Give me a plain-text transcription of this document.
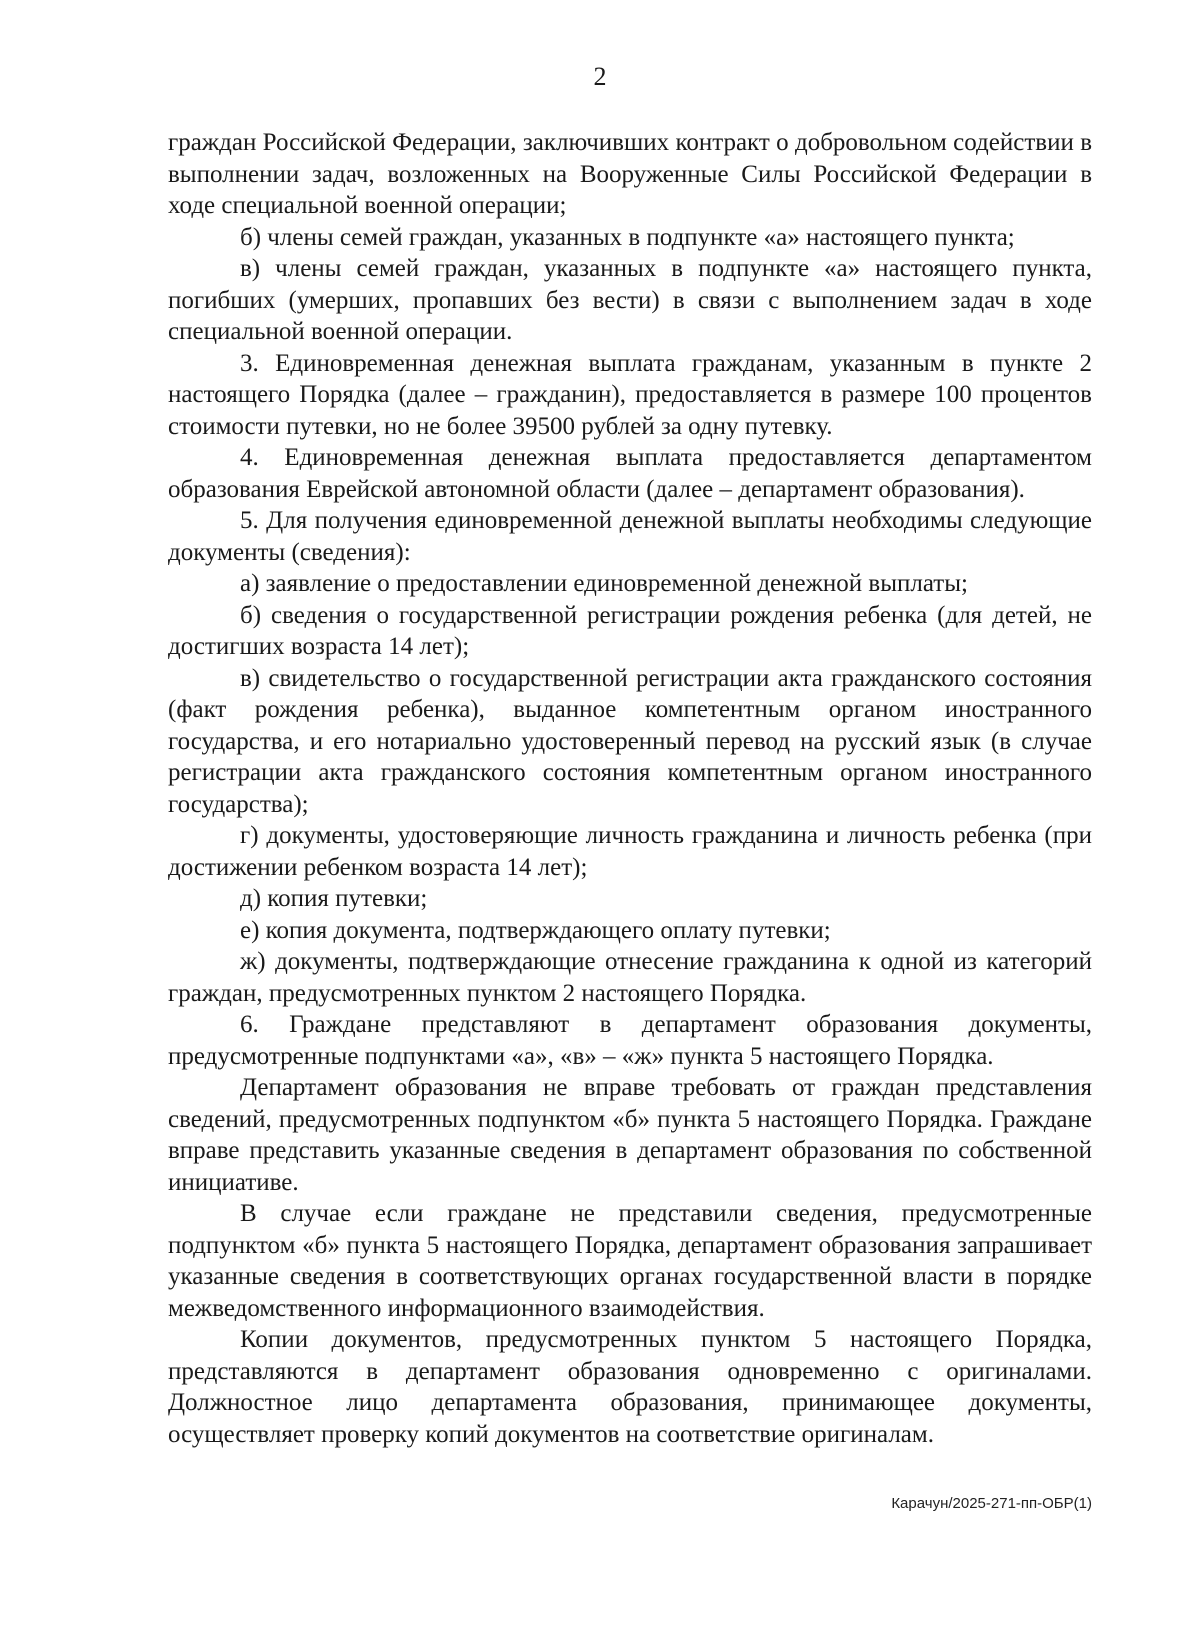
2

граждан Российской Федерации, заключивших контракт о добровольном содействии в выполнении задач, возложенных на Вооруженные Силы Российской Федерации в ходе специальной военной операции;

б) члены семей граждан, указанных в подпункте «а» настоящего пункта;

в) члены семей граждан, указанных в подпункте «а» настоящего пункта, погибших (умерших, пропавших без вести) в связи с выполнением задач в ходе специальной военной операции.

3. Единовременная денежная выплата гражданам, указанным в пункте 2 настоящего Порядка (далее – гражданин), предоставляется в размере 100 процентов стоимости путевки, но не более 39500 рублей за одну путевку.

4. Единовременная денежная выплата предоставляется департаментом образования Еврейской автономной области (далее – департамент образования).

5. Для получения единовременной денежной выплаты необходимы следующие документы (сведения):

а) заявление о предоставлении единовременной денежной выплаты;

б) сведения о государственной регистрации рождения ребенка (для детей, не достигших возраста 14 лет);

в) свидетельство о государственной регистрации акта гражданского состояния (факт рождения ребенка), выданное компетентным органом иностранного государства, и его нотариально удостоверенный перевод на русский язык (в случае регистрации акта гражданского состояния компетентным органом иностранного государства);

г) документы, удостоверяющие личность гражданина и личность ребенка (при достижении ребенком возраста 14 лет);

д) копия путевки;

е) копия документа, подтверждающего оплату путевки;

ж) документы, подтверждающие отнесение гражданина к одной из категорий граждан, предусмотренных пунктом 2 настоящего Порядка.

6. Граждане представляют в департамент образования документы, предусмотренные подпунктами «а», «в» – «ж» пункта 5 настоящего Порядка.

Департамент образования не вправе требовать от граждан представления сведений, предусмотренных подпунктом «б» пункта 5 настоящего Порядка. Граждане вправе представить указанные сведения в департамент образования по собственной инициативе.

В случае если граждане не представили сведения, предусмотренные подпунктом «б» пункта 5 настоящего Порядка, департамент образования запрашивает указанные сведения в соответствующих органах государственной власти в порядке межведомственного информационного взаимодействия.

Копии документов, предусмотренных пунктом 5 настоящего Порядка, представляются в департамент образования одновременно с оригиналами. Должностное лицо департамента образования, принимающее документы, осуществляет проверку копий документов на соответствие оригиналам.

Карачун/2025-271-пп-ОБР(1)
